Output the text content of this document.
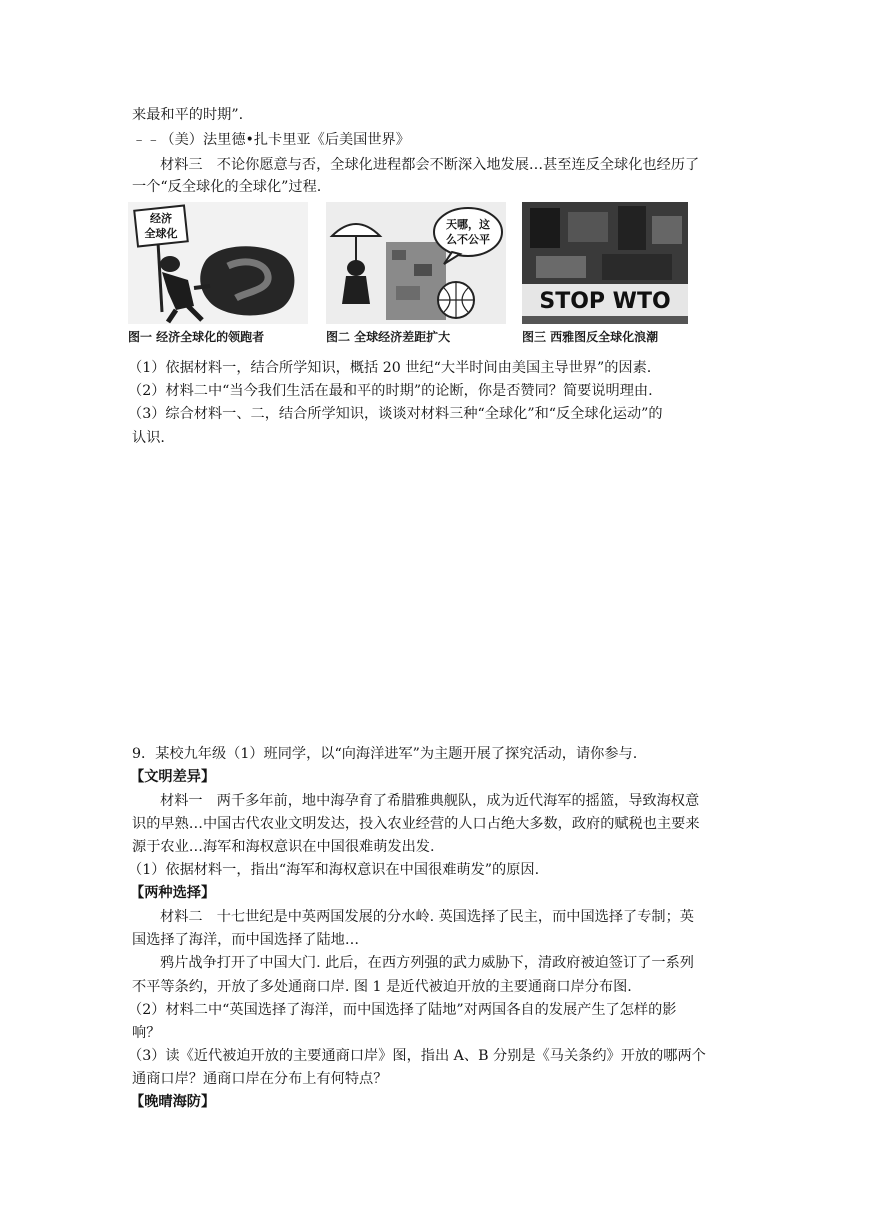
来最和平的时期”.

﹣﹣（美）法里德•扎卡里亚《后美国世界》

材料三　不论你愿意与否，全球化进程都会不断深入地发展…甚至连反全球化也经历了

一个“反全球化的全球化”过程.

经济
全球化
图一 经济全球化的领跑者
天哪，这
么不公平
图二 全球经济差距扩大
STOP WTO
图三 西雅图反全球化浪潮

（1）依据材料一，结合所学知识，概括 20 世纪“大半时间由美国主导世界”的因素.

（2）材料二中“当今我们生活在最和平的时期”的论断，你是否赞同？简要说明理由.

（3）综合材料一、二，结合所学知识，谈谈对材料三种“全球化”和“反全球化运动”的

认识.

9．某校九年级（1）班同学，以“向海洋进军”为主题开展了探究活动，请你参与.

【文明差异】

材料一　两千多年前，地中海孕育了希腊雅典舰队，成为近代海军的摇篮，导致海权意

识的早熟…中国古代农业文明发达，投入农业经营的人口占绝大多数，政府的赋税也主要来

源于农业…海军和海权意识在中国很难萌发出发.

（1）依据材料一，指出“海军和海权意识在中国很难萌发”的原因.

【两种选择】

材料二　十七世纪是中英两国发展的分水岭. 英国选择了民主，而中国选择了专制；英

国选择了海洋，而中国选择了陆地…

鸦片战争打开了中国大门. 此后，在西方列强的武力威胁下，清政府被迫签订了一系列

不平等条约，开放了多处通商口岸. 图 1 是近代被迫开放的主要通商口岸分布图.

（2）材料二中“英国选择了海洋，而中国选择了陆地”对两国各自的发展产生了怎样的影

响？

（3）读《近代被迫开放的主要通商口岸》图，指出 A、B 分别是《马关条约》开放的哪两个

通商口岸？通商口岸在分布上有何特点？

【晚晴海防】
